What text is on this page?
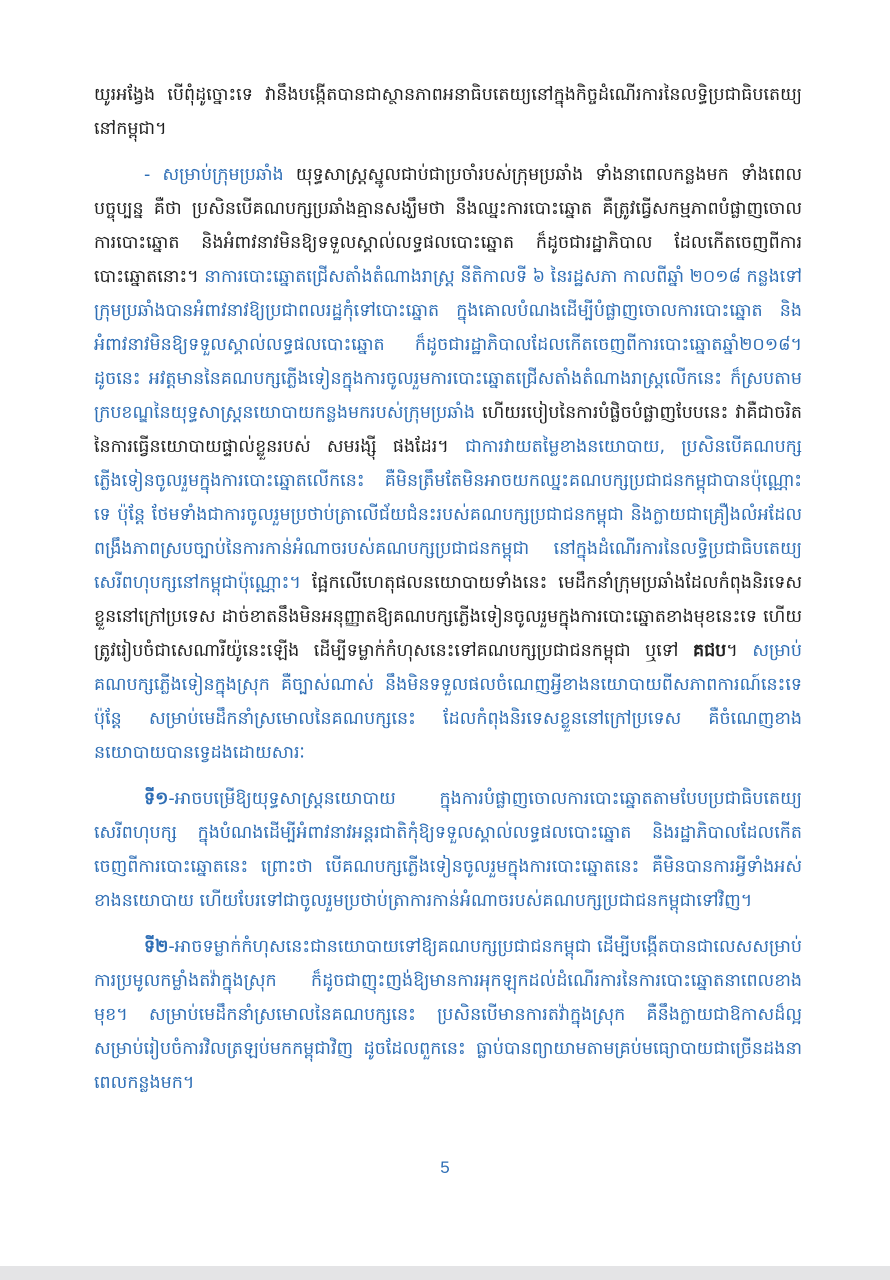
យូរអង្វែង បើពុំដូច្នោះទេ វានឹងបង្កើតបានជាស្ថានភាពអនាធិបតេយ្យនៅក្នុងកិច្ចដំណើរការនៃលទ្ធិប្រជាធិបតេយ្យនៅកម្ពុជា។

- សម្រាប់ក្រុមប្រឆាំង យុទ្ធសាស្ត្រស្នូលជាប់ជាប្រចាំរបស់ក្រុមប្រឆាំង ទាំងនាពេលកន្លងមក ទាំងពេលបច្ចុប្បន្ន គឺថា ប្រសិនបើគណបក្សប្រឆាំងគ្មានសង្ឃឹមថា នឹងឈ្នះការបោះឆ្នោត គឺត្រូវធ្វើសកម្មភាពបំផ្លាញចោលការបោះឆ្នោត និងអំពាវនាវមិនឱ្យទទួលស្គាល់លទ្ធផលបោះឆ្នោត ក៏ដូចជារដ្ឋាភិបាល ដែលកើតចេញពីការបោះឆ្នោតនោះ។ នាការបោះឆ្នោតជ្រើសតាំងតំណាងរាស្ត្រ នីតិកាលទី ៦ នៃរដ្ឋសភា កាលពីឆ្នាំ ២០១៨ កន្លងទៅ ក្រុមប្រឆាំងបានអំពាវនាវឱ្យប្រជាពលរដ្ឋកុំទៅបោះឆ្នោត ក្នុងគោលបំណងដើម្បីបំផ្លាញចោលការបោះឆ្នោត និងអំពាវនាវមិនឱ្យទទួលស្គាល់លទ្ធផលបោះឆ្នោត ក៏ដូចជារដ្ឋាភិបាលដែលកើតចេញពីការបោះឆ្នោតឆ្នាំ២០១៨។ ដូចនេះ អវត្តមាននៃគណបក្សភ្លើងទៀនក្នុងការចូលរួមការបោះឆ្នោតជ្រើសតាំងតំណាងរាស្ត្រលើកនេះ ក៏ស្របតាមក្របខណ្ឌនៃយុទ្ធសាស្ត្រនយោបាយកន្លងមករបស់ក្រុមប្រឆាំង ហើយរបៀបនៃការបំផ្លិចបំផ្លាញបែបនេះ វាគឺជាចរិតនៃការធ្វើនយោបាយផ្ទាល់ខ្លួនរបស់ សមរង្ស៊ី ផងដែរ។ ជាការវាយតម្លៃខាងនយោបាយ, ប្រសិនបើគណបក្សភ្លើងទៀនចូលរួមក្នុងការបោះឆ្នោតលើកនេះ គឺមិនត្រឹមតែមិនអាចយកឈ្នះគណបក្សប្រជាជនកម្ពុជាបានប៉ុណ្ណោះទេ ប៉ុន្តែ ថែមទាំងជាការចូលរួមប្រថាប់ត្រាលើជ័យជំនះរបស់គណបក្សប្រជាជនកម្ពុជា និងក្លាយជាគ្រឿងលំអដែលពង្រឹងភាពស្របច្បាប់នៃការកាន់អំណាចរបស់គណបក្សប្រជាជនកម្ពុជា នៅក្នុងដំណើរការនៃលទ្ធិប្រជាធិបតេយ្យសេរីពហុបក្សនៅកម្ពុជាប៉ុណ្ណោះ។ ផ្អែកលើហេតុផលនយោបាយទាំងនេះ មេដឹកនាំក្រុមប្រឆាំងដែលកំពុងនិរទេសខ្លួននៅក្រៅប្រទេស ដាច់ខាតនឹងមិនអនុញ្ញាតឱ្យគណបក្សភ្លើងទៀនចូលរួមក្នុងការបោះឆ្នោតខាងមុខនេះទេ ហើយត្រូវរៀបចំជាសេណារីយ៉ូនេះឡើង ដើម្បីទម្លាក់កំហុសនេះទៅគណបក្សប្រជាជនកម្ពុជា ឬទៅ គជប។ សម្រាប់គណបក្សភ្លើងទៀនក្នុងស្រុក គឺច្បាស់ណាស់ នឹងមិនទទួលផលចំណេញអ្វីខាងនយោបាយពីសភាពការណ៍នេះទេ ប៉ុន្តែ សម្រាប់មេដឹកនាំស្រមោលនៃគណបក្សនេះ ដែលកំពុងនិរទេសខ្លួននៅក្រៅប្រទេស គឺចំណេញខាងនយោបាយបានទ្វេដងដោយសារៈ

ទី១-អាចបម្រើឱ្យយុទ្ធសាស្ត្រនយោបាយ ក្នុងការបំផ្លាញចោលការបោះឆ្នោតតាមបែបប្រជាធិបតេយ្យសេរីពហុបក្ស ក្នុងបំណងដើម្បីអំពាវនាវអន្តរជាតិកុំឱ្យទទួលស្គាល់លទ្ធផលបោះឆ្នោត និងរដ្ឋាភិបាលដែលកើតចេញពីការបោះឆ្នោតនេះ ព្រោះថា បើគណបក្សភ្លើងទៀនចូលរួមក្នុងការបោះឆ្នោតនេះ គឺមិនបានការអ្វីទាំងអស់ខាងនយោបាយ ហើយបែរទៅជាចូលរួមប្រថាប់ត្រាការកាន់អំណាចរបស់គណបក្សប្រជាជនកម្ពុជាទៅវិញ។

ទី២-អាចទម្លាក់កំហុសនេះជានយោបាយទៅឱ្យគណបក្សប្រជាជនកម្ពុជា ដើម្បីបង្កើតបានជាលេសសម្រាប់ការប្រមូលកម្លាំងតវ៉ាក្នុងស្រុក ក៏ដូចជាញុះញង់ឱ្យមានការអុកឡុកដល់ដំណើរការនៃការបោះឆ្នោតនាពេលខាងមុខ។ សម្រាប់មេដឹកនាំស្រមោលនៃគណបក្សនេះ ប្រសិនបើមានការតវ៉ាក្នុងស្រុក គឺនឹងក្លាយជាឱកាសដ៏ល្អសម្រាប់រៀបចំការវិលត្រឡប់មកកម្ពុជាវិញ ដូចដែលពួកនេះ ធ្លាប់បានព្យាយាមតាមគ្រប់មធ្យោបាយជាច្រើនដងនាពេលកន្លងមក។

5
